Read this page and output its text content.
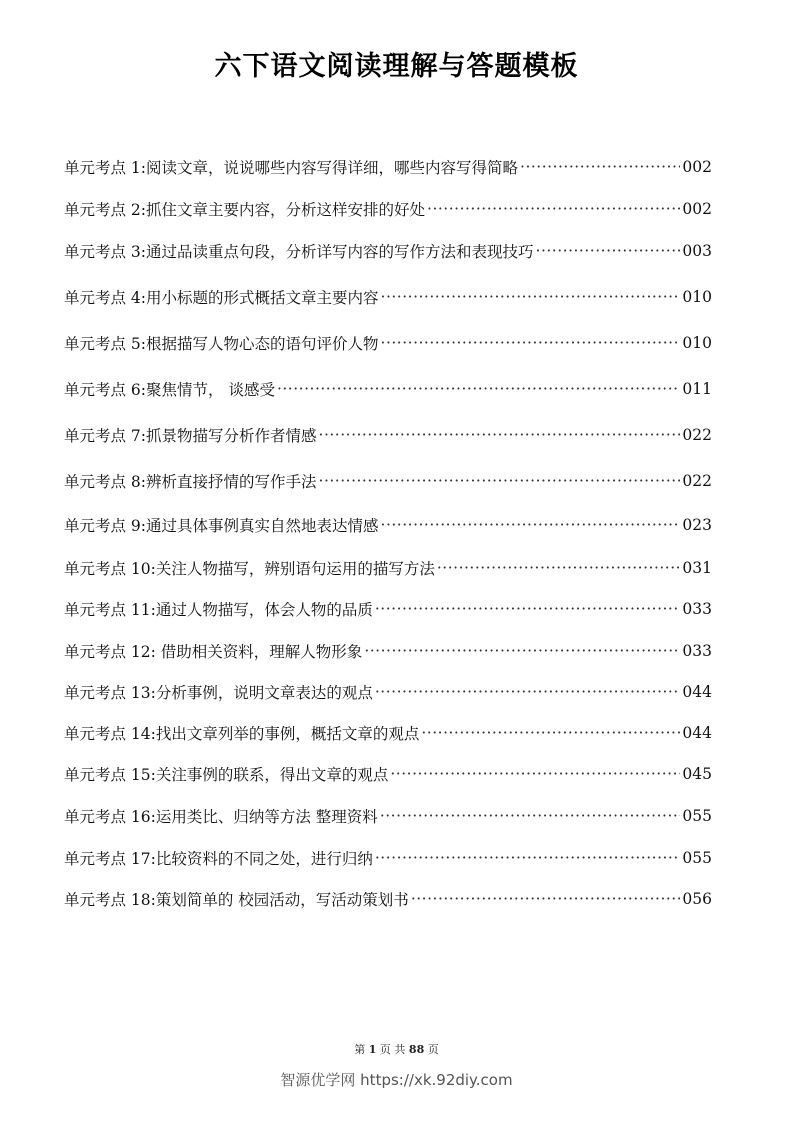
六下语文阅读理解与答题模板
单元考点 1:阅读文章，说说哪些内容写得详细，哪些内容写得简略 ·····	002
单元考点 2:抓住文章主要内容，分析这样安排的好处 ·····	002
单元考点 3:通过品读重点句段，分析详写内容的写作方法和表现技巧 ·····	003
单元考点 4:用小标题的形式概括文章主要内容 ·····	010
单元考点 5:根据描写人物心态的语句评价人物 ·····	010
单元考点 6:聚焦情节， 谈感受 ·····	011
单元考点 7:抓景物描写分析作者情感 ·····	022
单元考点 8:辨析直接抒情的写作手法 ·····	022
单元考点 9:通过具体事例真实自然地表达情感 ·····	023
单元考点 10:关注人物描写，辨别语句运用的描写方法 ·····	031
单元考点 11:通过人物描写，体会人物的品质 ·····	033
单元考点 12: 借助相关资料，理解人物形象 ·····	033
单元考点 13:分析事例，说明文章表达的观点 ·····	044
单元考点 14:找出文章列举的事例，概括文章的观点 ·····	044
单元考点 15:关注事例的联系，得出文章的观点 ·····	045
单元考点 16:运用类比、归纳等方法 整理资料 ·····	055
单元考点 17:比较资料的不同之处，进行归纳 ·····	055
单元考点 18:策划简单的 校园活动，写活动策划书 ·····	056
第 1 页 共 88 页
智源优学网 https://xk.92diy.com
